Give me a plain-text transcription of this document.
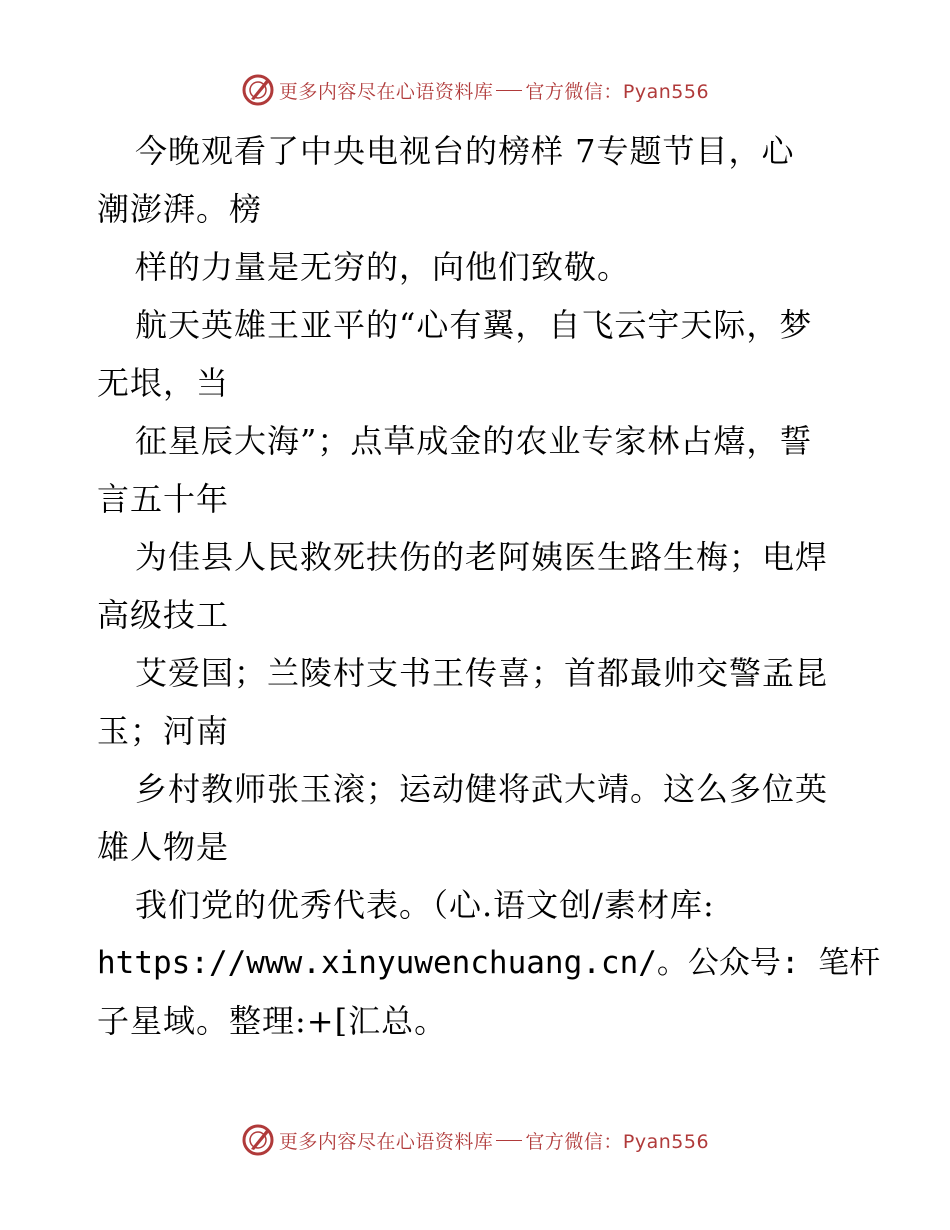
更多内容尽在心语资料库 官方微信：Pyan556
今晚观看了中央电视台的榜样 7专题节目，心
潮澎湃。榜
样的力量是无穷的，向他们致敬。
航天英雄王亚平的“心有翼，自飞云宇天际，梦
无垠，当
征星辰大海”；点草成金的农业专家林占熺，誓
言五十年
为佳县人民救死扶伤的老阿姨医生路生梅；电焊
高级技工
艾爱国；兰陵村支书王传喜；首都最帅交警孟昆
玉；河南
乡村教师张玉滚；运动健将武大靖。这么多位英
雄人物是
我们党的优秀代表。（心.语文创/素材库:
https://www.xinyuwenchuang.cn/。公众号: 笔杆
子星域。整理:+[汇总。
更多内容尽在心语资料库 官方微信：Pyan556
